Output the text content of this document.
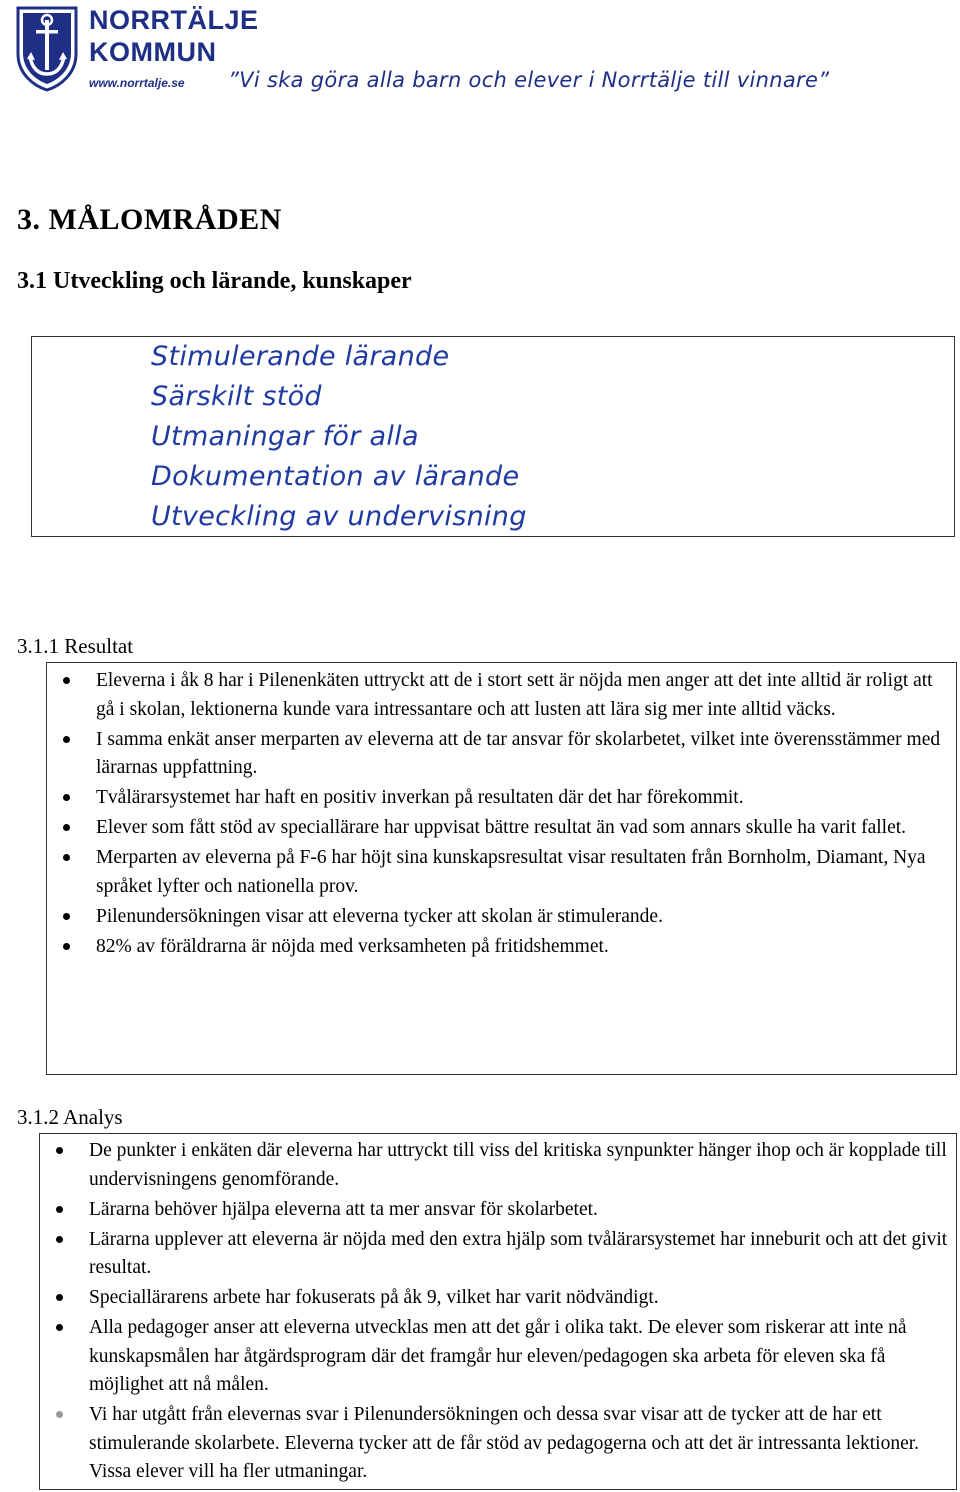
NORRTÄLJE
KOMMUN
www.norrtalje.se ”Vi ska göra alla barn och elever i Norrtälje till vinnare”
3. MÅLOMRÅDEN
3.1 Utveckling och lärande, kunskaper
Stimulerande lärande
Särskilt stöd
Utmaningar för alla
Dokumentation av lärande
Utveckling av undervisning
3.1.1 Resultat
Eleverna i åk 8 har i Pilenenkäten uttryckt att de i stort sett är nöjda men anger att det inte alltid är roligt att gå i skolan, lektionerna kunde vara intressantare och att lusten att lära sig mer inte alltid väcks.
I samma enkät anser merparten av eleverna att de tar ansvar för skolarbetet, vilket inte överensstämmer med lärarnas uppfattning.
Tvålärarsystemet har haft en positiv inverkan på resultaten där det har förekommit.
Elever som fått stöd av speciallärare har uppvisat bättre resultat än vad som annars skulle ha varit fallet.
Merparten av eleverna på F-6 har höjt sina kunskapsresultat visar resultaten från Bornholm, Diamant, Nya språket lyfter och nationella prov.
Pilenundersökningen visar att eleverna tycker att skolan är stimulerande.
82% av föräldrarna är nöjda med verksamheten på fritidshemmet.
3.1.2 Analys
De punkter i enkäten där eleverna har uttryckt till viss del kritiska synpunkter hänger ihop och är kopplade till undervisningens genomförande.
Lärarna behöver hjälpa eleverna att ta mer ansvar för skolarbetet.
Lärarna upplever att eleverna är nöjda med den extra hjälp som tvålärarsystemet har inneburit och att det givit resultat.
Speciallärarens arbete har fokuserats på åk 9, vilket har varit nödvändigt.
Alla pedagoger anser att eleverna utvecklas men att det går i olika takt. De elever som riskerar att inte nå kunskapsmålen har åtgärdsprogram där det framgår hur eleven/pedagogen ska arbeta för eleven ska få möjlighet att nå målen.
Vi har utgått från elevernas svar i Pilenundersökningen och dessa svar visar att de tycker att de har ett stimulerande skolarbete. Eleverna tycker att de får stöd av pedagogerna och att det är intressanta lektioner. Vissa elever vill ha fler utmaningar.
